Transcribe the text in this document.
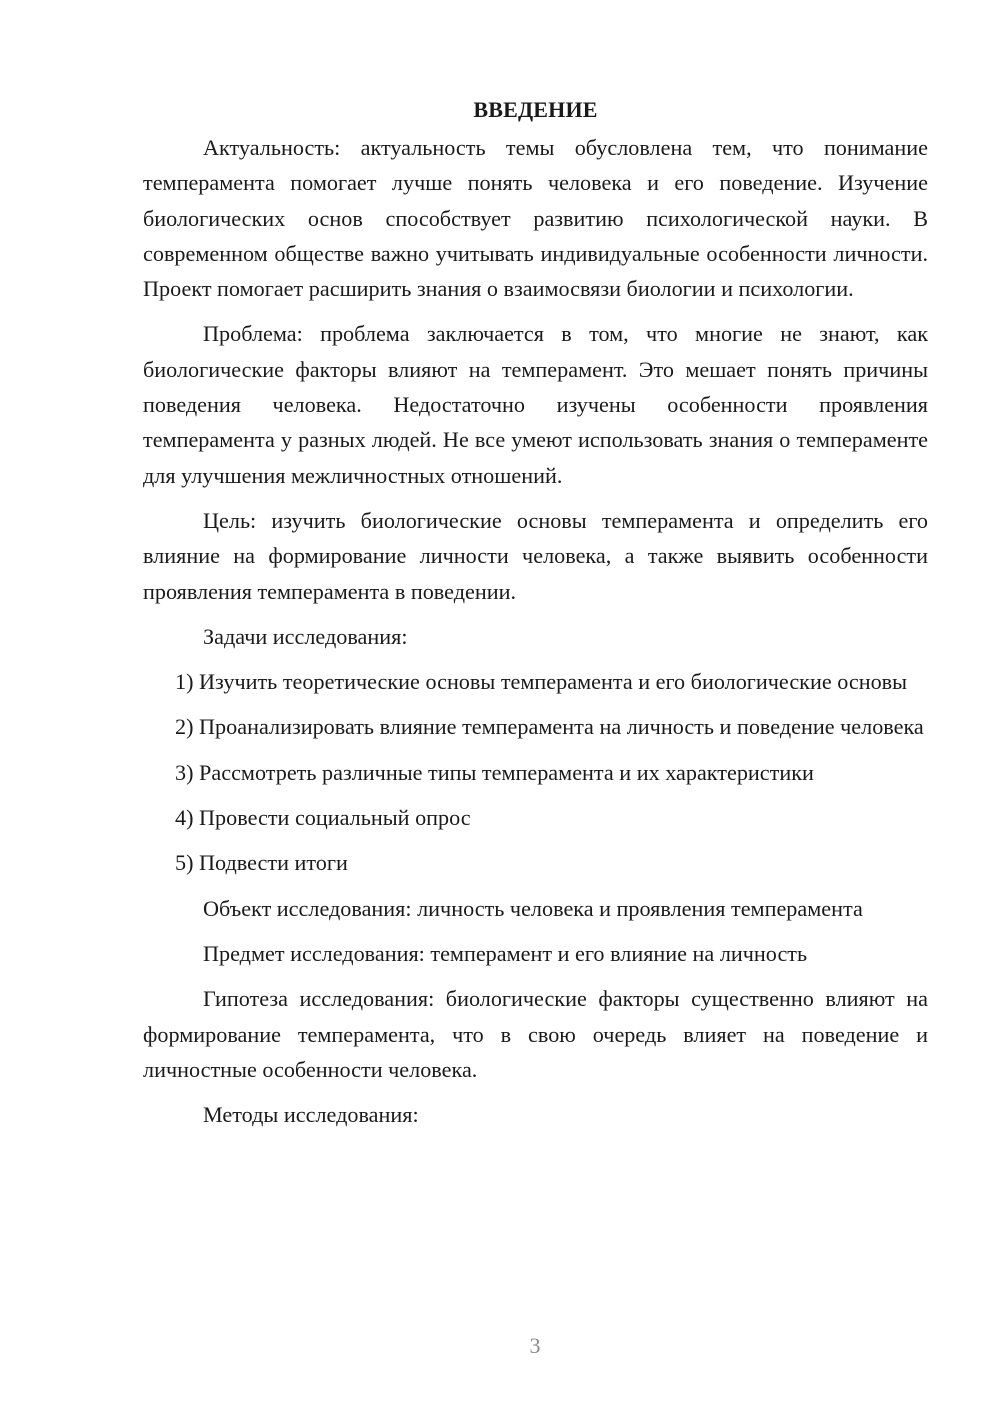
ВВЕДЕНИЕ

Актуальность: актуальность темы обусловлена тем, что понимание темперамента помогает лучше понять человека и его поведение. Изучение биологических основ способствует развитию психологической науки. В современном обществе важно учитывать индивидуальные особенности личности. Проект помогает расширить знания о взаимосвязи биологии и психологии.

Проблема: проблема заключается в том, что многие не знают, как биологические факторы влияют на темперамент. Это мешает понять причины поведения человека. Недостаточно изучены особенности проявления темперамента у разных людей. Не все умеют использовать знания о темпераменте для улучшения межличностных отношений.

Цель: изучить биологические основы темперамента и определить его влияние на формирование личности человека, а также выявить особенности проявления темперамента в поведении.

Задачи исследования:

1) Изучить теоретические основы темперамента и его биологические основы

2) Проанализировать влияние темперамента на личность и поведение человека

3) Рассмотреть различные типы темперамента и их характеристики

4) Провести социальный опрос

5) Подвести итоги

Объект исследования: личность человека и проявления темперамента

Предмет исследования: темперамент и его влияние на личность

Гипотеза исследования: биологические факторы существенно влияют на формирование темперамента, что в свою очередь влияет на поведение и личностные особенности человека.

Методы исследования:

3
